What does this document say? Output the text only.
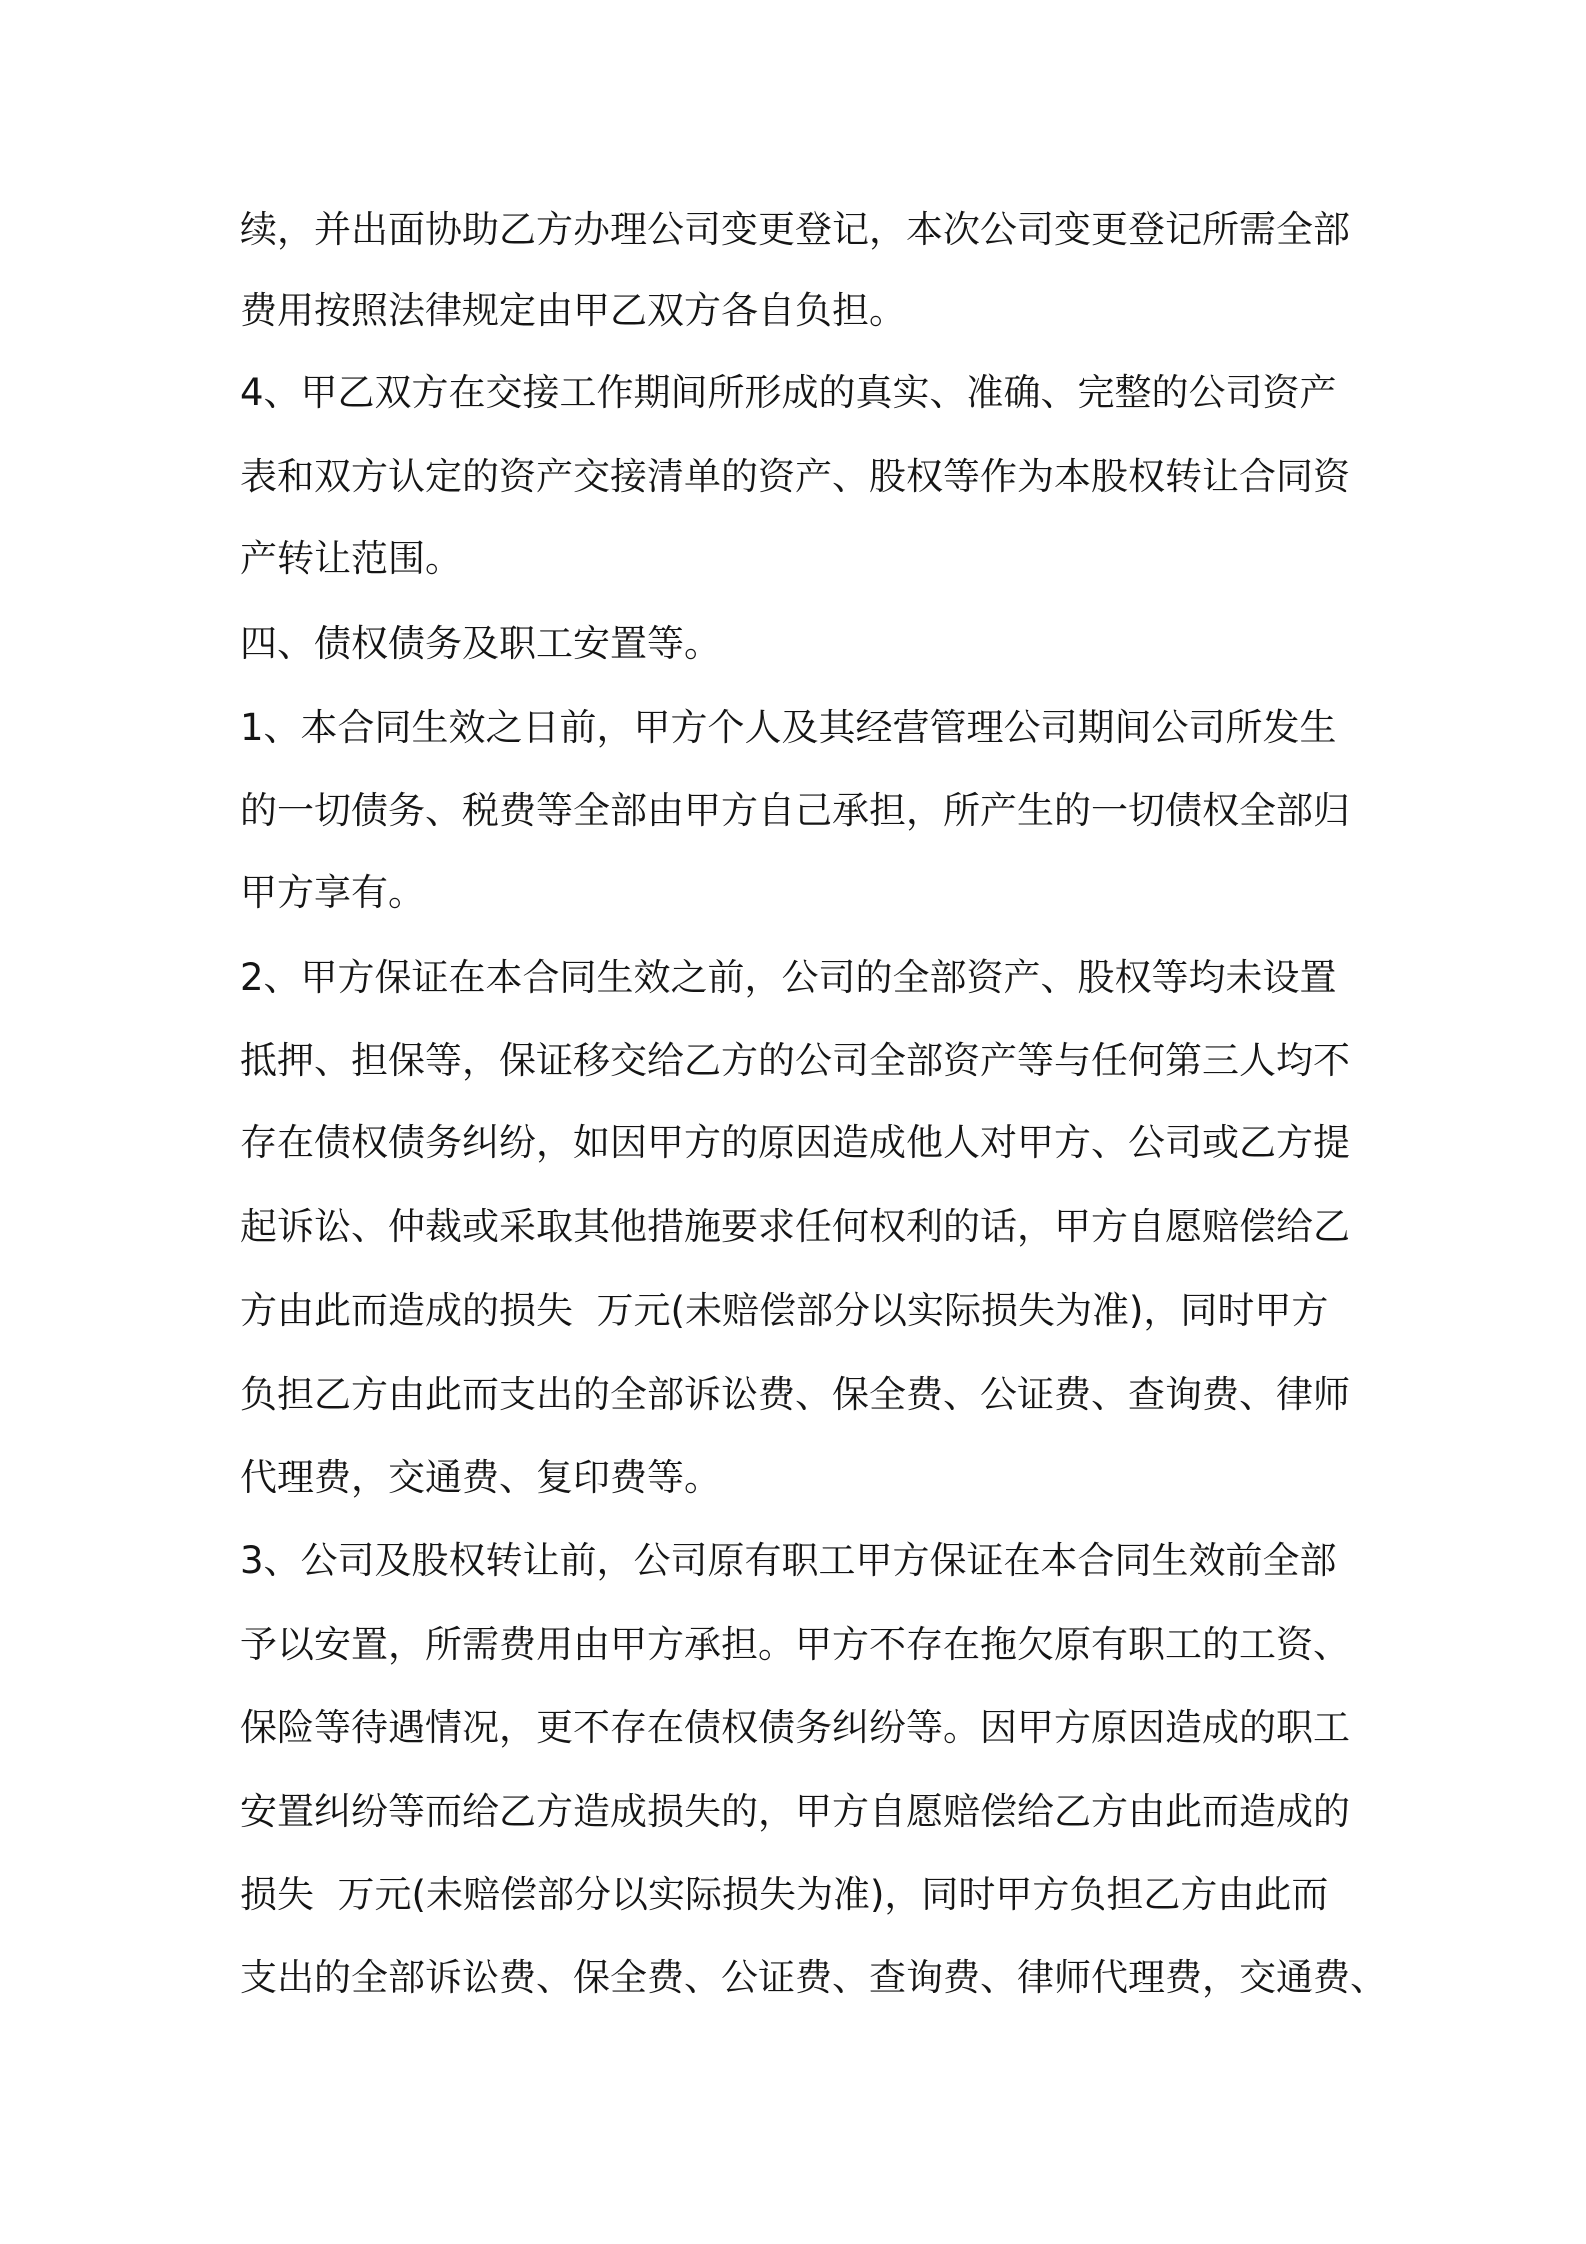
续，并出面协助乙方办理公司变更登记，本次公司变更登记所需全部
费用按照法律规定由甲乙双方各自负担。
4、甲乙双方在交接工作期间所形成的真实、准确、完整的公司资产
表和双方认定的资产交接清单的资产、股权等作为本股权转让合同资
产转让范围。
四、债权债务及职工安置等。
1、本合同生效之日前，甲方个人及其经营管理公司期间公司所发生
的一切债务、税费等全部由甲方自己承担，所产生的一切债权全部归
甲方享有。
2、甲方保证在本合同生效之前，公司的全部资产、股权等均未设置
抵押、担保等，保证移交给乙方的公司全部资产等与任何第三人均不
存在债权债务纠纷，如因甲方的原因造成他人对甲方、公司或乙方提
起诉讼、仲裁或采取其他措施要求任何权利的话，甲方自愿赔偿给乙
方由此而造成的损失  万元(未赔偿部分以实际损失为准)，同时甲方
负担乙方由此而支出的全部诉讼费、保全费、公证费、查询费、律师
代理费，交通费、复印费等。
3、公司及股权转让前，公司原有职工甲方保证在本合同生效前全部
予以安置，所需费用由甲方承担。甲方不存在拖欠原有职工的工资、
保险等待遇情况，更不存在债权债务纠纷等。因甲方原因造成的职工
安置纠纷等而给乙方造成损失的，甲方自愿赔偿给乙方由此而造成的
损失  万元(未赔偿部分以实际损失为准)，同时甲方负担乙方由此而
支出的全部诉讼费、保全费、公证费、查询费、律师代理费，交通费、
